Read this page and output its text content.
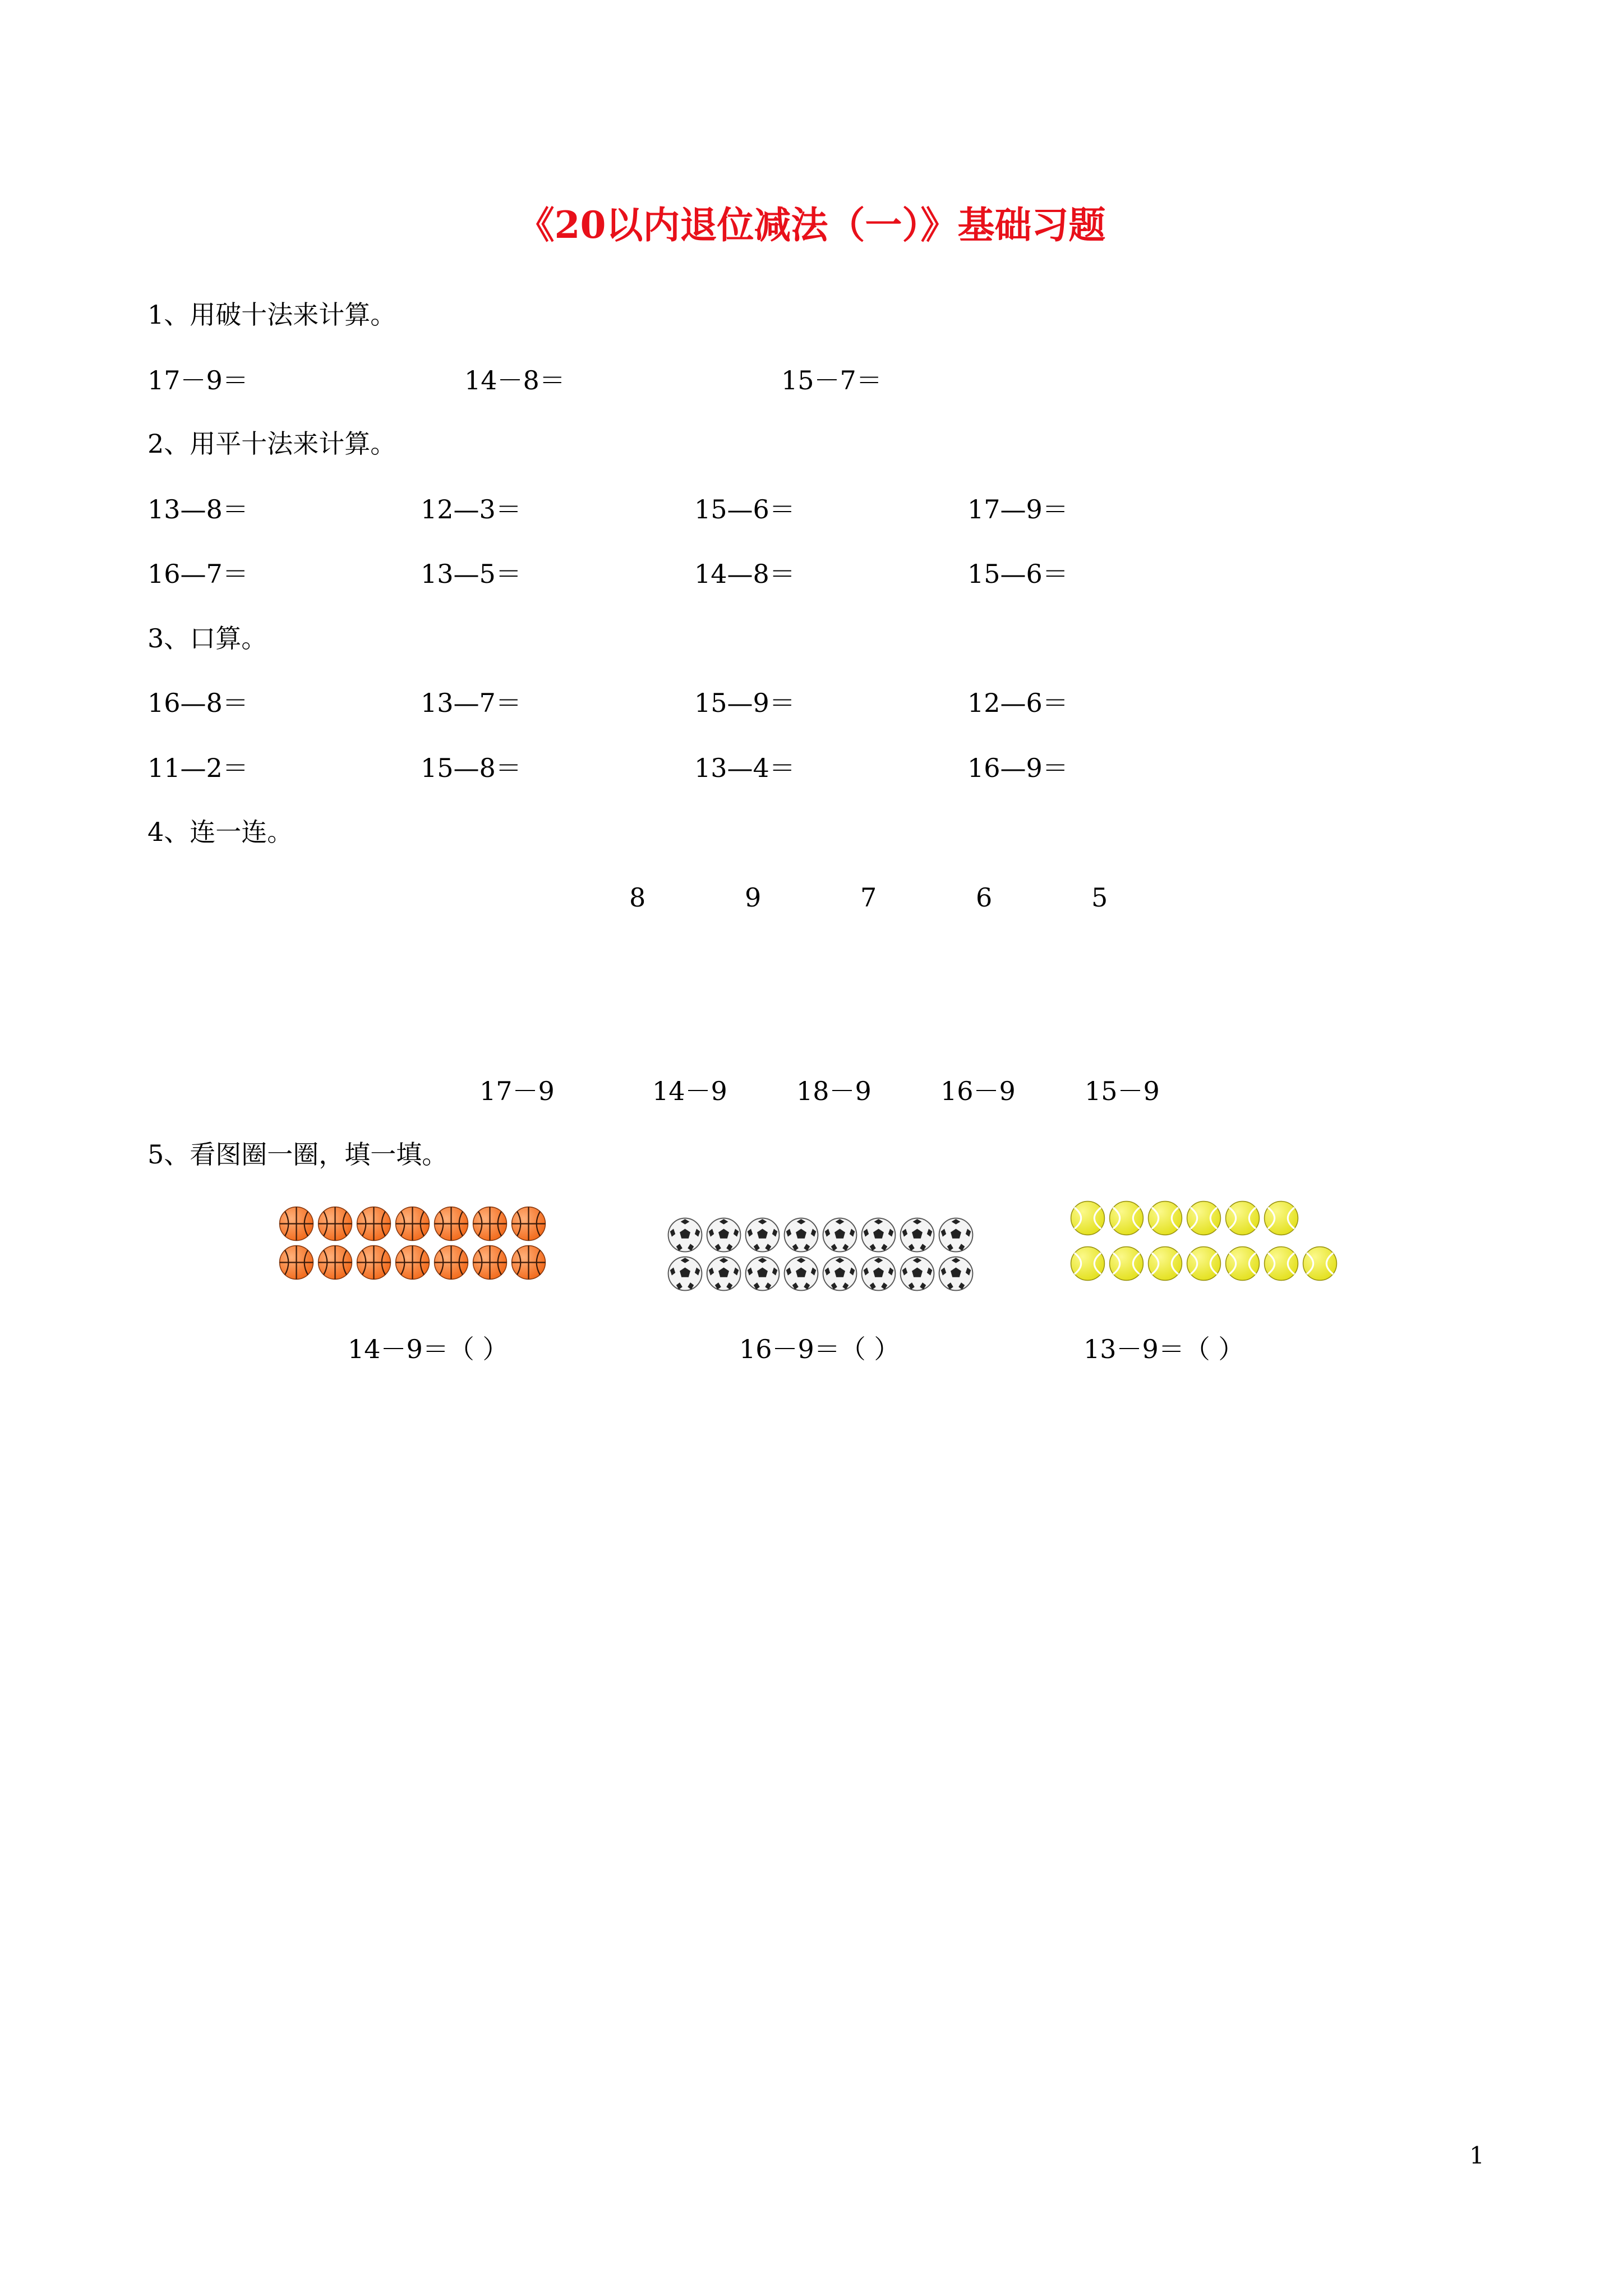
《20以内退位减法（一）》基础习题
1、用破十法来计算。
17－9＝	14－8＝	15－7＝
2、用平十法来计算。
13—8＝	12—3＝	15—6＝	17—9＝
16—7＝	13—5＝	14—8＝	15—6＝
3、口算。
16—8＝	13—7＝	15—9＝	12—6＝
11—2＝	15—8＝	13—4＝	16—9＝
4、连一连。
8	9	7	6	5
17－9	14－9	18－9	16－9	15－9
5、看图圈一圈，填一填。
14－9＝（ ）	16－9＝（ ）	13－9＝（ ）
1
